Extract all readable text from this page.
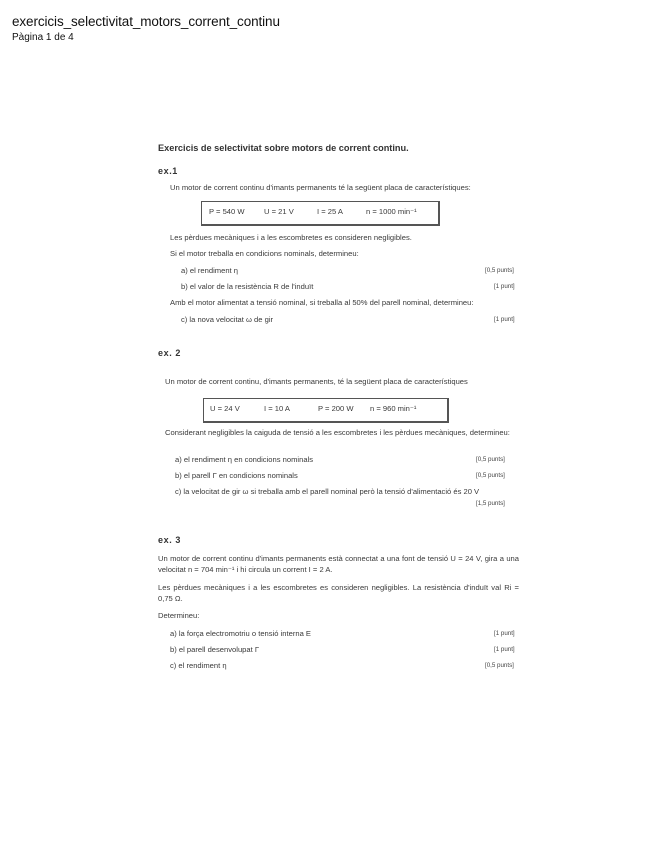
exercicis_selectivitat_motors_corrent_continu
Pàgina 1 de 4
Exercicis de selectivitat sobre motors de corrent continu.
ex.1
Un motor de corrent continu d'imants permanents té la següent placa de característiques:
P = 540 W	U = 21 V	I = 25 A	n = 1000 min⁻¹
Les pèrdues mecàniques i a les escombretes es consideren negligibles.
Si el motor treballa en condicions nominals, determineu:
a) el rendiment η	[0,5 punts]
b) el valor de la resistència R de l'induït	[1 punt]
Amb el motor alimentat a tensió nominal, si treballa al 50% del parell nominal, determineu:
c) la nova velocitat ω de gir	[1 punt]
ex. 2
Un motor de corrent continu, d'imants permanents, té la següent placa de característiques
U = 24 V	I = 10 A	P = 200 W n = 960 min⁻¹
Considerant negligibles la caiguda de tensió a les escombretes i les pèrdues mecàniques, determineu:
a) el rendiment η en condicions nominals	[0,5 punts]
b) el parell Γ en condicions nominals	[0,5 punts]
c) la velocitat de gir ω si treballa amb el parell nominal però la tensió d'alimentació és 20 V
[1,5 punts]
ex. 3
Un motor de corrent continu d'imants permanents està connectat a una font de tensió U = 24 V, gira a una velocitat n = 704 min⁻¹ i hi circula un corrent I = 2 A.
Les pèrdues mecàniques i a les escombretes es consideren negligibles. La resistència d'induït val Ri = 0,75 Ω.
Determineu:
a) la força electromotriu o tensió interna E	[1 punt]
b) el parell desenvolupat Γ	[1 punt]
c) el rendiment η	[0,5 punts]
